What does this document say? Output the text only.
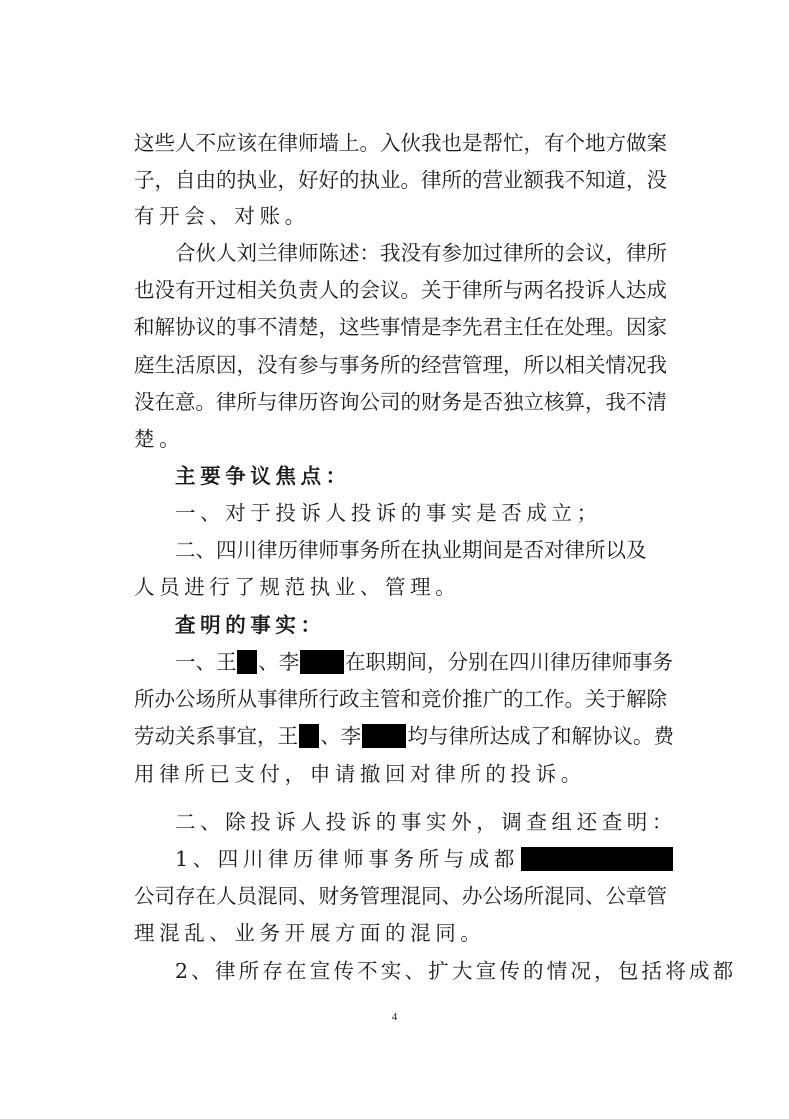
这些人不应该在律师墙上。入伙我也是帮忙，有个地方做案
子，自由的执业，好好的执业。律所的营业额我不知道，没
有开会、对账。
合伙人刘兰律师陈述：我没有参加过律所的会议，律所
也没有开过相关负责人的会议。关于律所与两名投诉人达成
和解协议的事不清楚，这些事情是李先君主任在处理。因家
庭生活原因，没有参与事务所的经营管理，所以相关情况我
没在意。律所与律历咨询公司的财务是否独立核算，我不清
楚。
主要争议焦点：
一、对于投诉人投诉的事实是否成立；
二、四川律历律师事务所在执业期间是否对律所以及
人员进行了规范执业、管理。
查明的事实：
一、王 、李 在职期间，分别在四川律历律师事务
所办公场所从事律所行政主管和竞价推广的工作。关于解除
劳动关系事宜，王 、李 均与律所达成了和解协议。费
用律所已支付，申请撤回对律所的投诉。
二、除投诉人投诉的事实外，调查组还查明：
1、四川律历律师事务所与成都
公司存在人员混同、财务管理混同、办公场所混同、公章管
理混乱、业务开展方面的混同。
2、律所存在宣传不实、扩大宣传的情况，包括将成都
4
